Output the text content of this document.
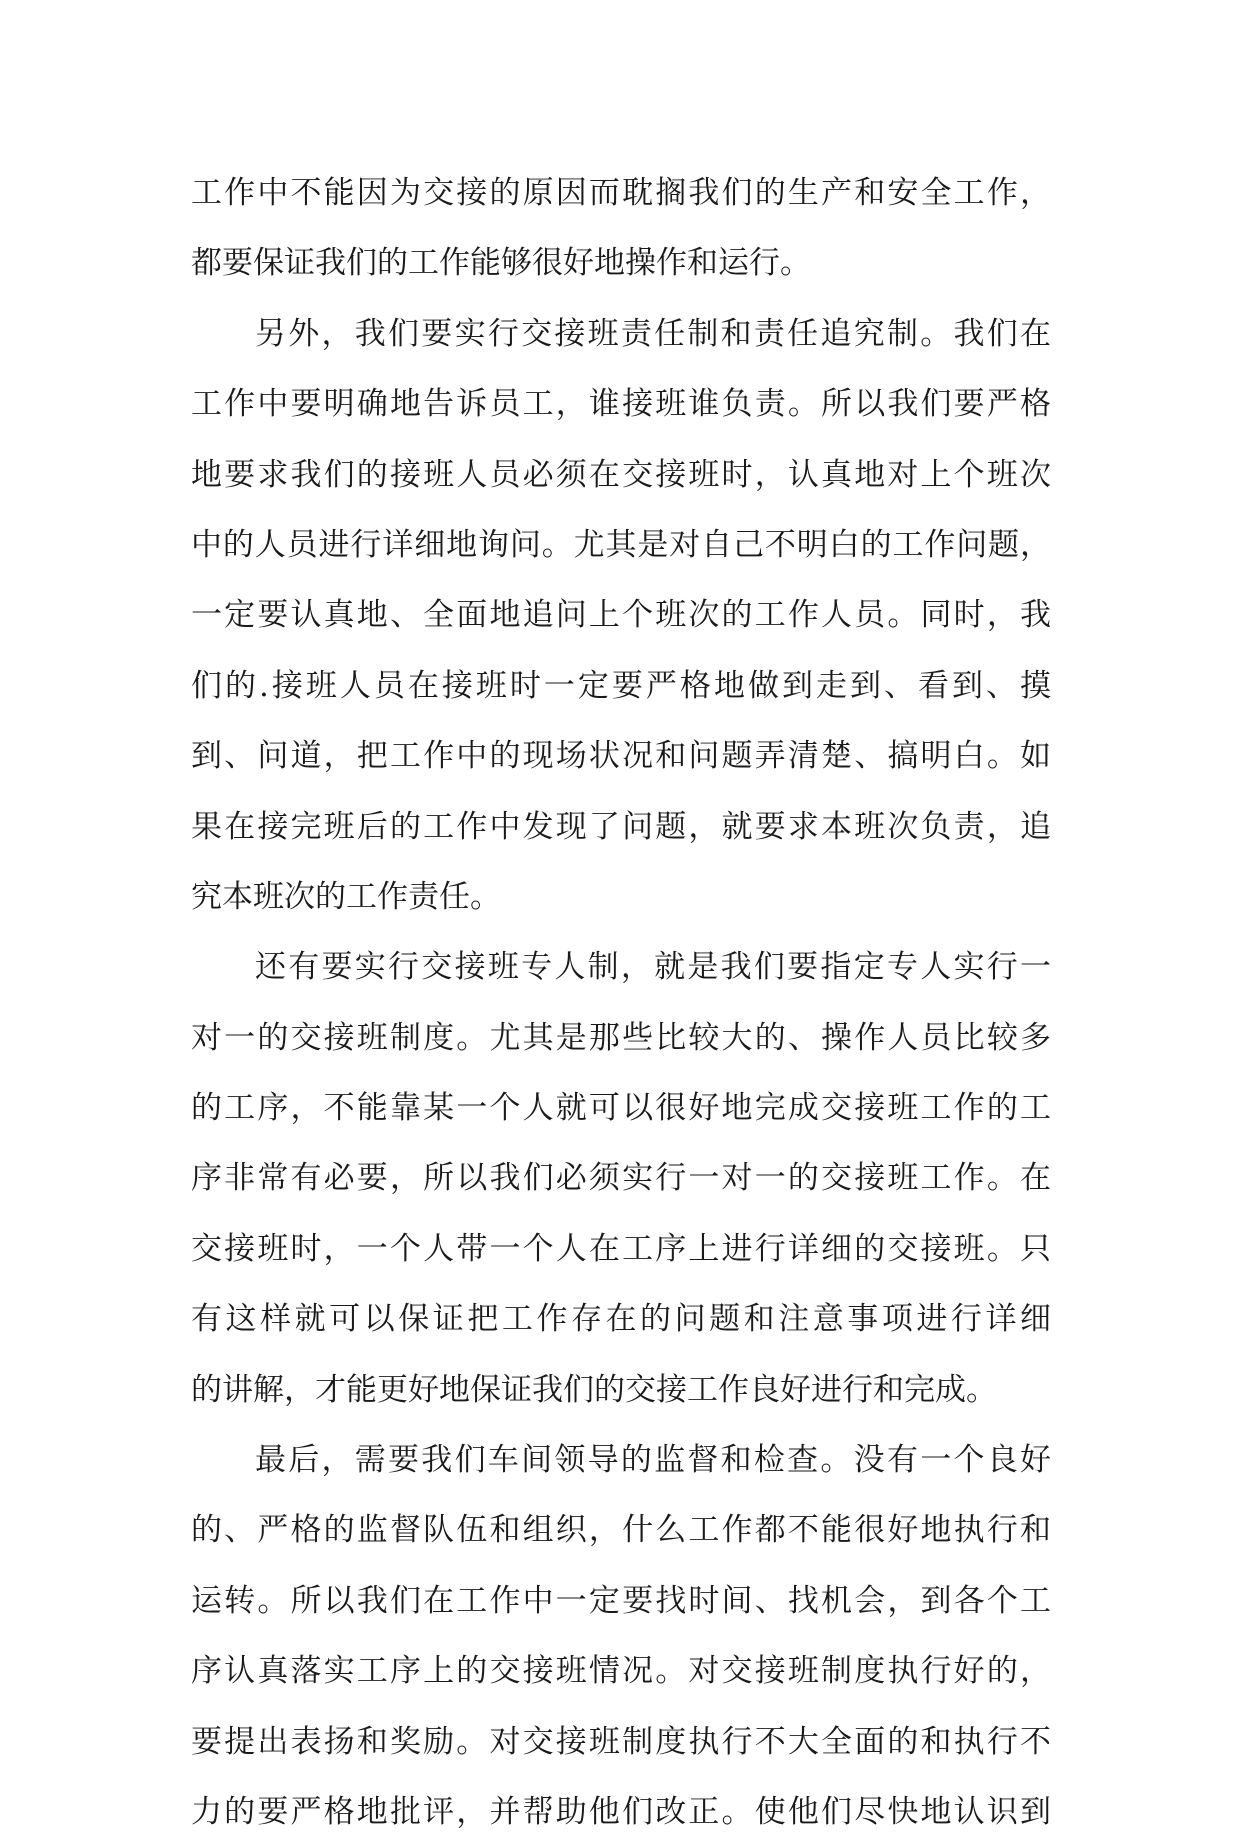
工作中不能因为交接的原因而耽搁我们的生产和安全工作，
都要保证我们的工作能够很好地操作和运行。
另外，我们要实行交接班责任制和责任追究制。我们在
工作中要明确地告诉员工，谁接班谁负责。所以我们要严格
地要求我们的接班人员必须在交接班时，认真地对上个班次
中的人员进行详细地询问。尤其是对自己不明白的工作问题，
一定要认真地、全面地追问上个班次的工作人员。同时，我
们的.接班人员在接班时一定要严格地做到走到、看到、摸
到、问道，把工作中的现场状况和问题弄清楚、搞明白。如
果在接完班后的工作中发现了问题，就要求本班次负责，追
究本班次的工作责任。
还有要实行交接班专人制，就是我们要指定专人实行一
对一的交接班制度。尤其是那些比较大的、操作人员比较多
的工序，不能靠某一个人就可以很好地完成交接班工作的工
序非常有必要，所以我们必须实行一对一的交接班工作。在
交接班时，一个人带一个人在工序上进行详细的交接班。只
有这样就可以保证把工作存在的问题和注意事项进行详细
的讲解，才能更好地保证我们的交接工作良好进行和完成。
最后，需要我们车间领导的监督和检查。没有一个良好
的、严格的监督队伍和组织，什么工作都不能很好地执行和
运转。所以我们在工作中一定要找时间、找机会，到各个工
序认真落实工序上的交接班情况。对交接班制度执行好的，
要提出表扬和奖励。对交接班制度执行不大全面的和执行不
力的要严格地批评，并帮助他们改正。使他们尽快地认识到
